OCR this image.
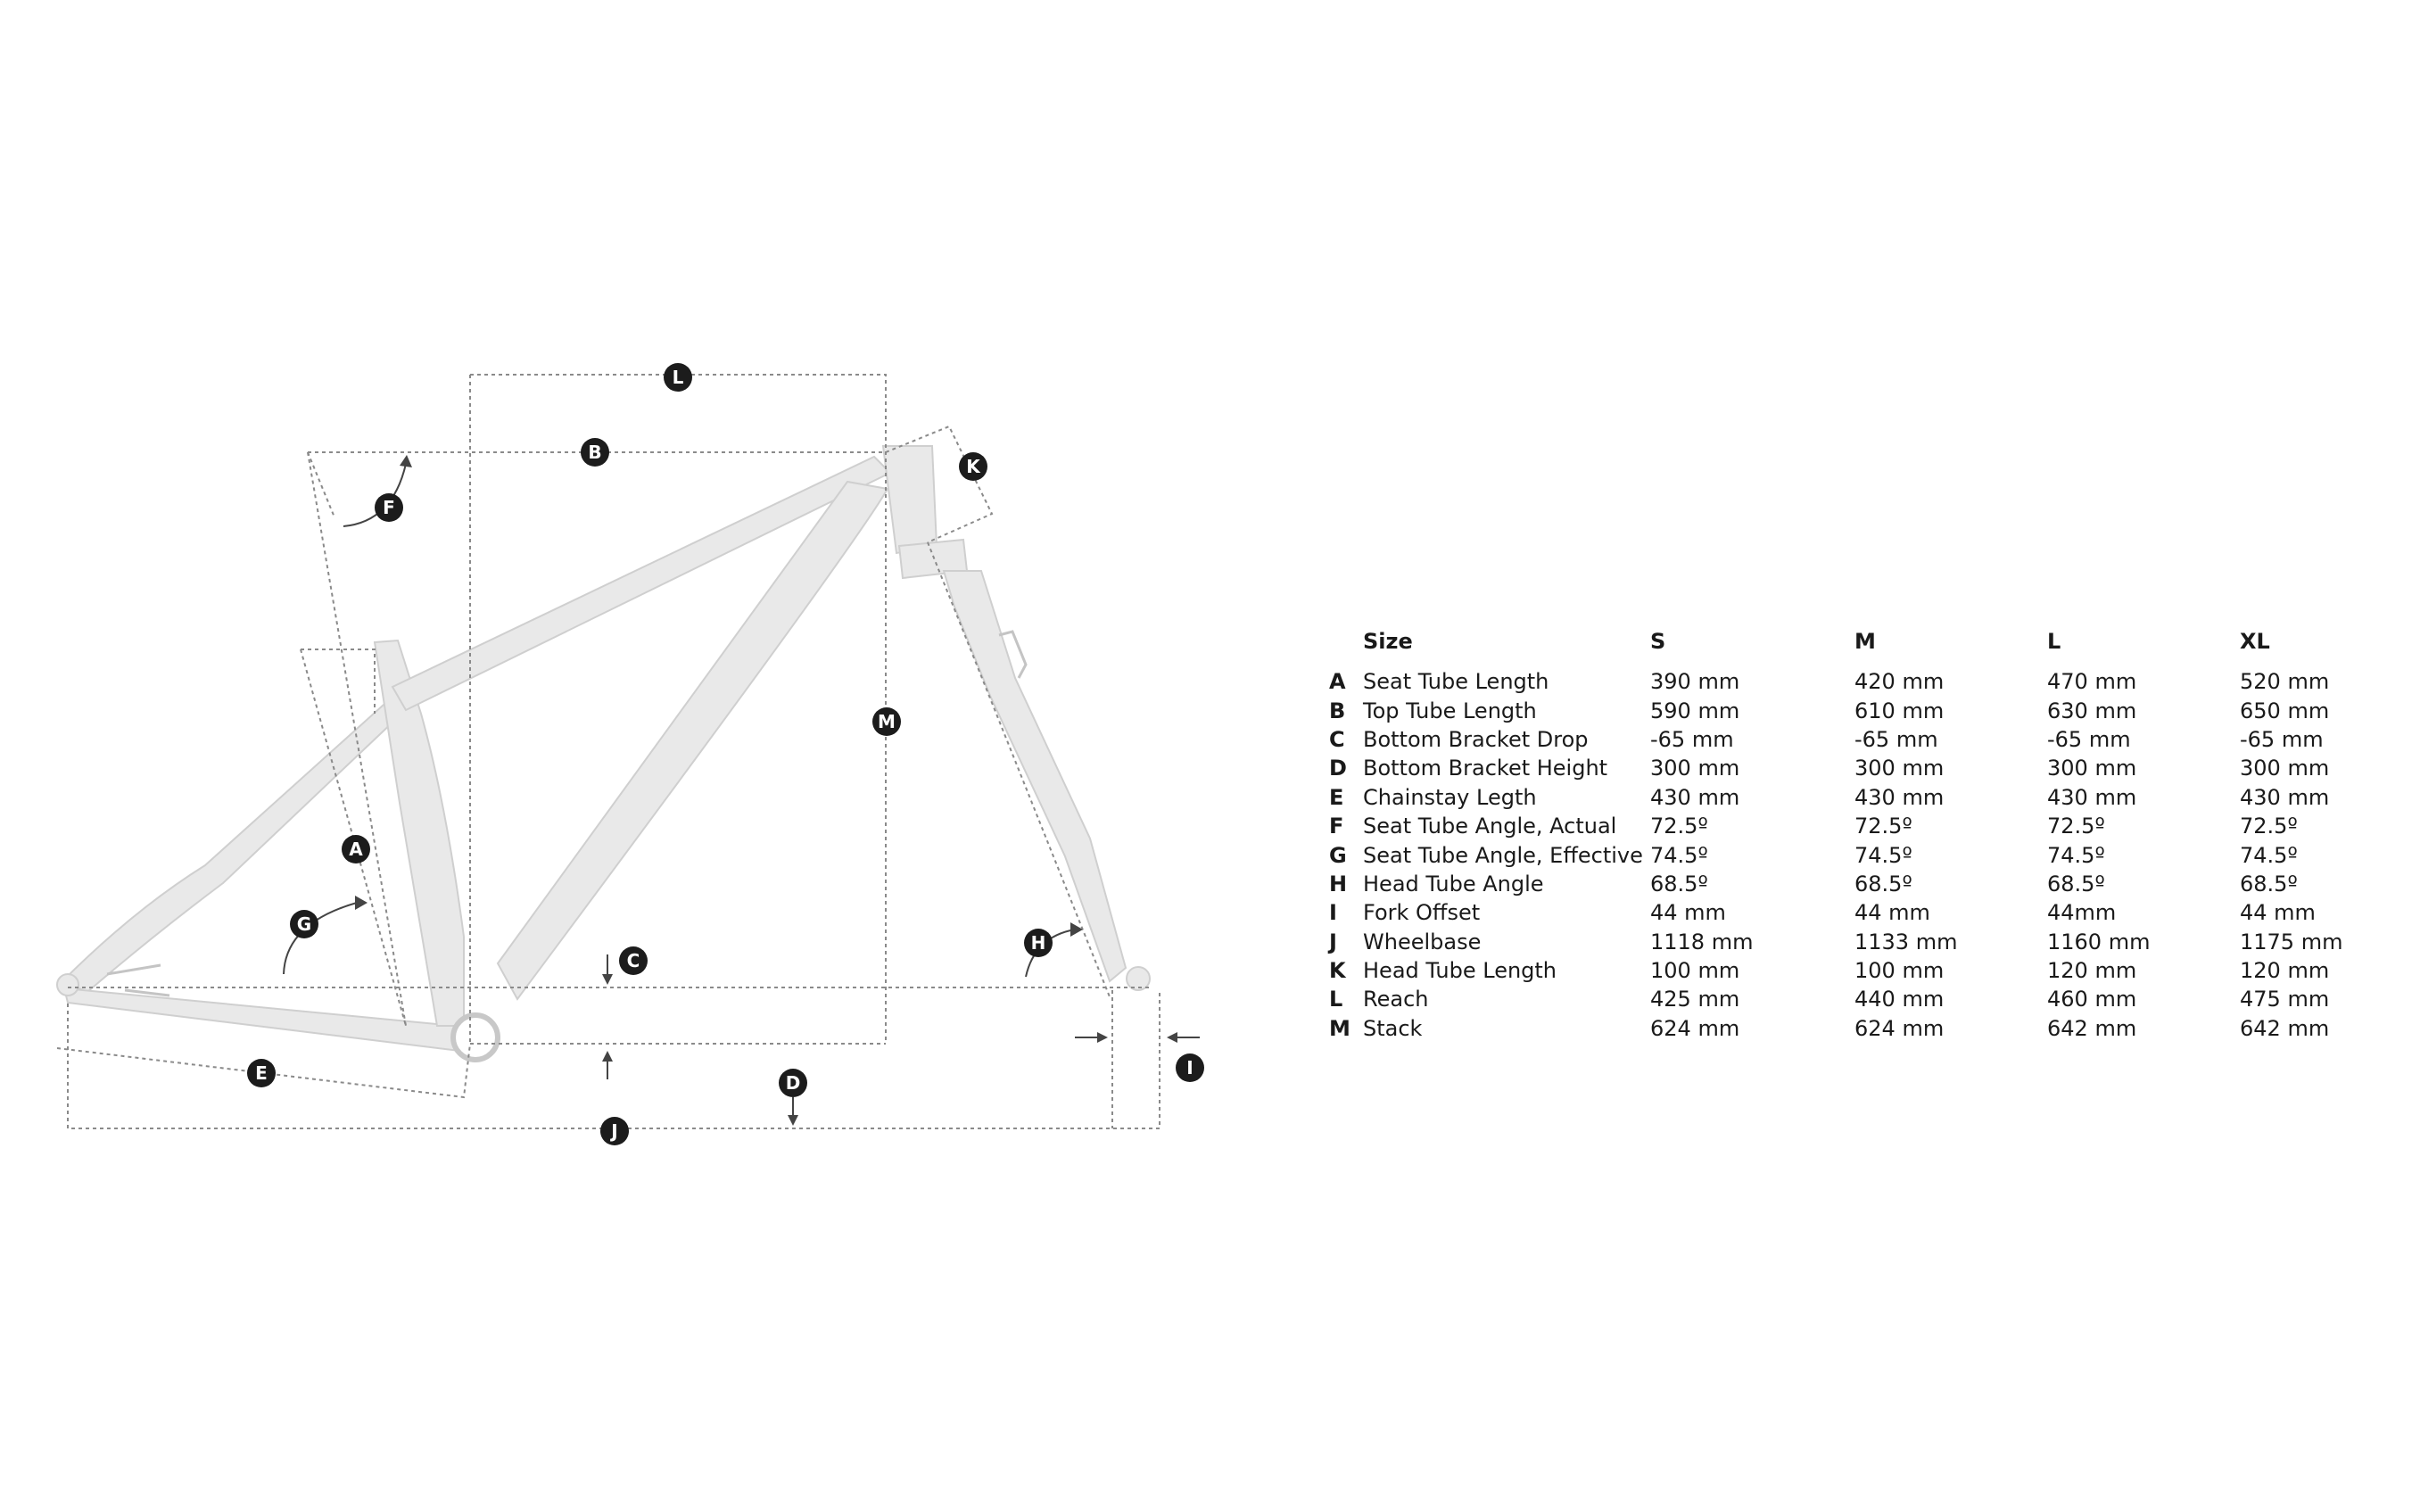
L
B
K
F
M
A
G
H
C
I
E	D
J
	Size	S	M	L	XL
A	Seat Tube Length	390 mm	420 mm	470 mm	520 mm
B	Top Tube Length	590 mm	610 mm	630 mm	650 mm
C	Bottom Bracket Drop	-65 mm	-65 mm	-65 mm	-65 mm
D	Bottom Bracket Height	300 mm	300 mm	300 mm	300 mm
E	Chainstay Legth	430 mm	430 mm	430 mm	430 mm
F	Seat Tube Angle, Actual	72.5º	72.5º	72.5º	72.5º
G	Seat Tube Angle, Effective	74.5º	74.5º	74.5º	74.5º
H	Head Tube Angle	68.5º	68.5º	68.5º	68.5º
I	Fork Offset	44 mm	44 mm	44mm	44 mm
J	Wheelbase	1118 mm	1133 mm	1160 mm	1175 mm
K	Head Tube Length	100 mm	100 mm	120 mm	120 mm
L	Reach	425 mm	440 mm	460 mm	475 mm
M	Stack	624 mm	624 mm	642 mm	642 mm
